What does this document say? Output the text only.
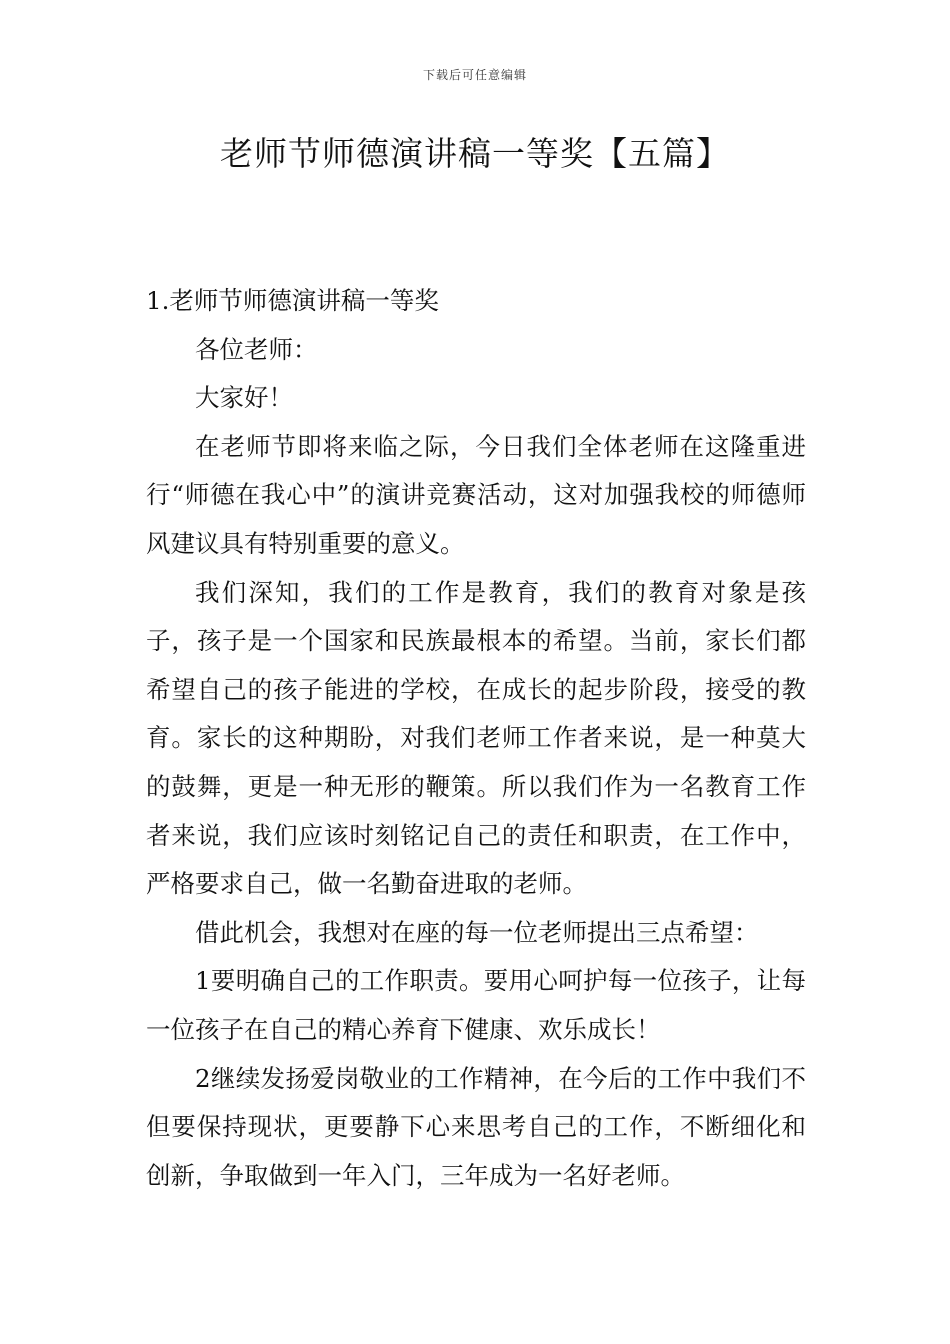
下载后可任意编辑
老师节师德演讲稿一等奖【五篇】

1.老师节师德演讲稿一等奖

各位老师：

大家好！

在老师节即将来临之际，今日我们全体老师在这隆重进行“师德在我心中”的演讲竞赛活动，这对加强我校的师德师风建议具有特别重要的意义。

我们深知，我们的工作是教育，我们的教育对象是孩子，孩子是一个国家和民族最根本的希望。当前，家长们都希望自己的孩子能进的学校，在成长的起步阶段，接受的教育。家长的这种期盼，对我们老师工作者来说，是一种莫大的鼓舞，更是一种无形的鞭策。所以我们作为一名教育工作者来说，我们应该时刻铭记自己的责任和职责，在工作中，严格要求自己，做一名勤奋进取的老师。

借此机会，我想对在座的每一位老师提出三点希望：

1要明确自己的工作职责。要用心呵护每一位孩子，让每一位孩子在自己的精心养育下健康、欢乐成长！

2继续发扬爱岗敬业的工作精神，在今后的工作中我们不但要保持现状，更要静下心来思考自己的工作，不断细化和创新，争取做到一年入门，三年成为一名好老师。
